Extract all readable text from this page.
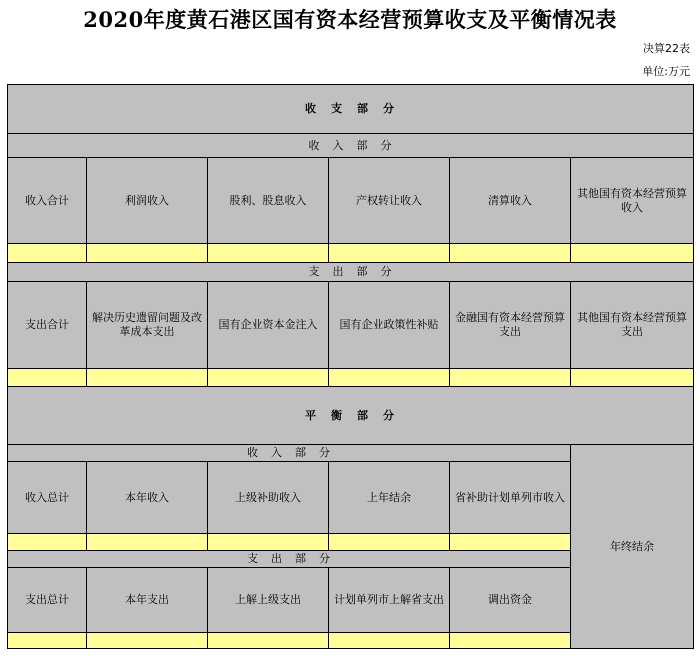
2020年度黄石港区国有资本经营预算收支及平衡情况表
决算22表
单位:万元
收　支　部　分					
收　入　部　分					
收入合计	利润收入	股利、股息收入	产权转让收入	清算收入	其他国有资本经营预算收入

支　出　部　分					
支出合计	解决历史遗留问题及改革成本支出	国有企业资本金注入	国有企业政策性补贴	金融国有资本经营预算支出	其他国有资本经营预算支出

平　衡　部　分					
收　入　部　分					年终结余
收入总计	本年收入	上级补助收入	上年结余	省补助计划单列市收入	

支　出　部　分					
支出总计	本年支出	上解上级支出	计划单列市上解省支出	调出资金	
